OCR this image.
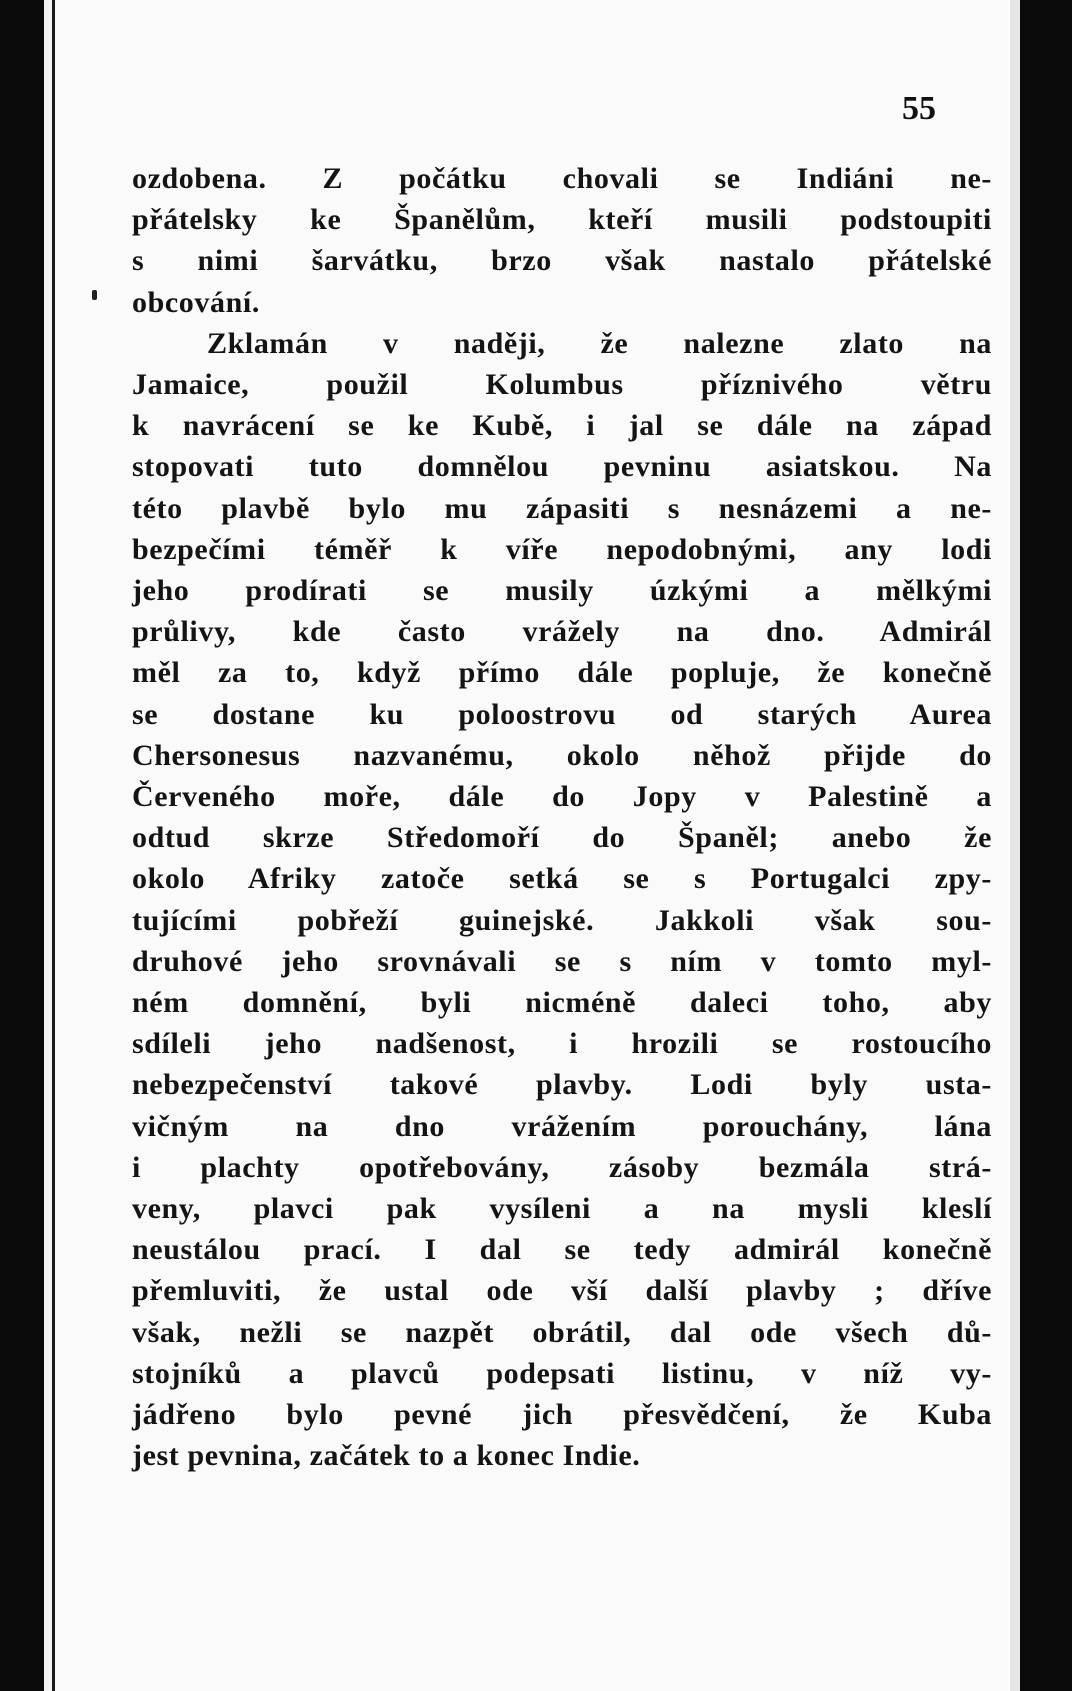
55
ozdobena. Z počátku chovali se Indiáni ne-
přátelsky ke Španělům, kteří musili podstoupiti
s nimi šarvátku, brzo však nastalo přátelské
obcování.
Zklamán v naději, že nalezne zlato na
Jamaice, použil Kolumbus příznivého větru
k navrácení se ke Kubě, i jal se dále na západ
stopovati tuto domnělou pevninu asiatskou. Na
této plavbě bylo mu zápasiti s nesnázemi a ne-
bezpečími téměř k víře nepodobnými, any lodi
jeho prodírati se musily úzkými a mělkými
průlivy, kde často vrážely na dno. Admirál
měl za to, když přímo dále popluje, že konečně
se dostane ku poloostrovu od starých Aurea
Chersonesus nazvanému, okolo něhož přijde do
Červeného moře, dále do Jopy v Palestině a
odtud skrze Středomoří do Španěl; anebo že
okolo Afriky zatoče setká se s Portugalci zpy-
tujícími pobřeží guinejské. Jakkoli však sou-
druhové jeho srovnávali se s ním v tomto myl-
ném domnění, byli nicméně daleci toho, aby
sdíleli jeho nadšenost, i hrozili se rostoucího
nebezpečenství takové plavby. Lodi byly usta-
vičným na dno vrážením porouchány, lána
i plachty opotřebovány, zásoby bezmála strá-
veny, plavci pak vysíleni a na mysli kleslí
neustálou prací. I dal se tedy admirál konečně
přemluviti, že ustal ode vší další plavby ; dříve
však, nežli se nazpět obrátil, dal ode všech dů-
stojníků a plavců podepsati listinu, v níž vy-
jádřeno bylo pevné jich přesvědčení, že Kuba
jest pevnina, začátek to a konec Indie.
